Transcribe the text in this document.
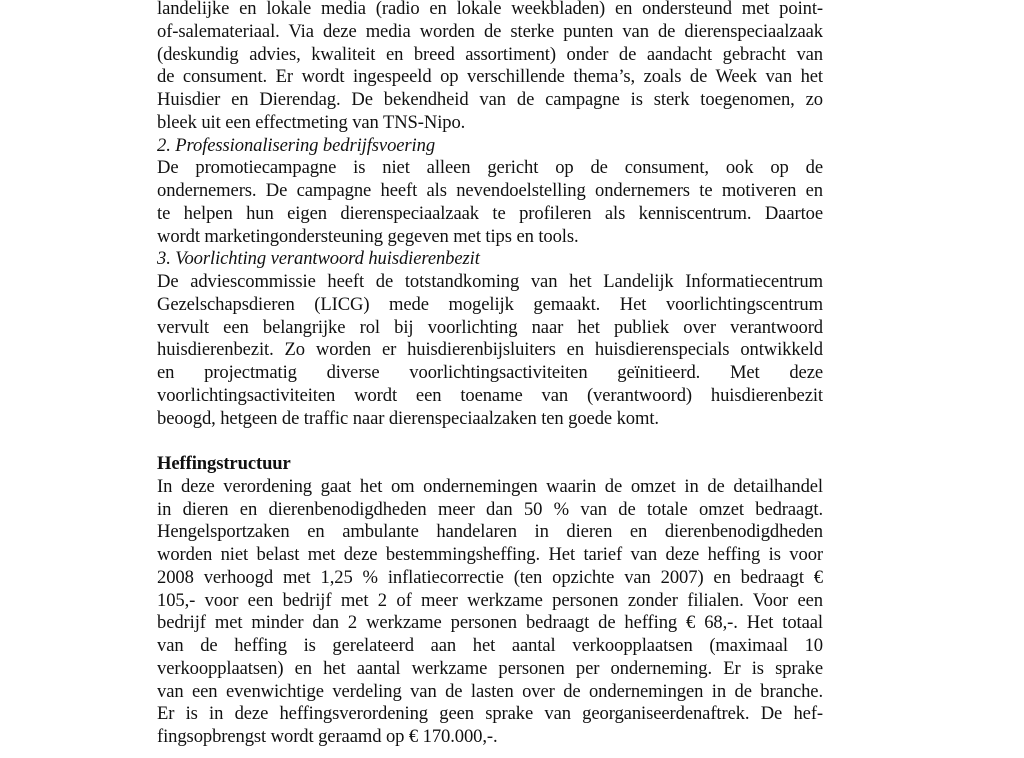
landelijke en lokale media (radio en lokale weekbladen) en ondersteund met point-
of-salemateriaal. Via deze media worden de sterke punten van de dierenspeciaalzaak
(deskundig advies, kwaliteit en breed assortiment) onder de aandacht gebracht van
de consument. Er wordt ingespeeld op verschillende thema’s, zoals de Week van het
Huisdier en Dierendag. De bekendheid van de campagne is sterk toegenomen, zo
bleek uit een effectmeting van TNS-Nipo.
2. Professionalisering bedrijfsvoering
De promotiecampagne is niet alleen gericht op de consument, ook op de
ondernemers. De campagne heeft als nevendoelstelling ondernemers te motiveren en
te helpen hun eigen dierenspeciaalzaak te profileren als kenniscentrum. Daartoe
wordt marketingondersteuning gegeven met tips en tools.
3. Voorlichting verantwoord huisdierenbezit
De adviescommissie heeft de totstandkoming van het Landelijk Informatiecentrum
Gezelschapsdieren (LICG) mede mogelijk gemaakt. Het voorlichtingscentrum
vervult een belangrijke rol bij voorlichting naar het publiek over verantwoord
huisdierenbezit. Zo worden er huisdierenbijsluiters en huisdierenspecials ontwikkeld
en projectmatig diverse voorlichtingsactiviteiten geïnitieerd. Met deze
voorlichtingsactiviteiten wordt een toename van (verantwoord) huisdierenbezit
beoogd, hetgeen de traffic naar dierenspeciaalzaken ten goede komt.
Heffingstructuur
In deze verordening gaat het om ondernemingen waarin de omzet in de detailhandel
in dieren en dierenbenodigdheden meer dan 50 % van de totale omzet bedraagt.
Hengelsportzaken en ambulante handelaren in dieren en dierenbenodigdheden
worden niet belast met deze bestemmingsheffing. Het tarief van deze heffing is voor
2008 verhoogd met 1,25 % inflatiecorrectie (ten opzichte van 2007) en bedraagt €
105,- voor een bedrijf met 2 of meer werkzame personen zonder filialen. Voor een
bedrijf met minder dan 2 werkzame personen bedraagt de heffing € 68,-. Het totaal
van de heffing is gerelateerd aan het aantal verkoopplaatsen (maximaal 10
verkoopplaatsen) en het aantal werkzame personen per onderneming. Er is sprake
van een evenwichtige verdeling van de lasten over de ondernemingen in de branche.
Er is in deze heffingsverordening geen sprake van georganiseerdenaftrek. De hef-
fingsopbrengst wordt geraamd op € 170.000,-.
